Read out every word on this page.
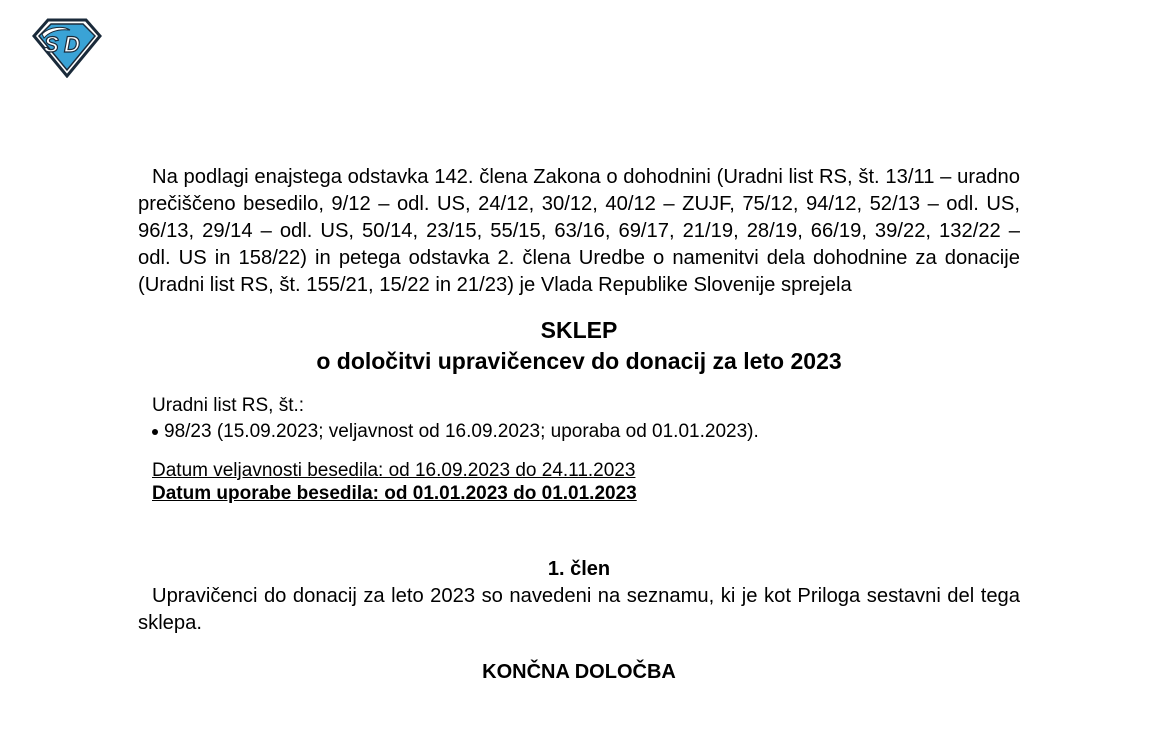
S D

Na podlagi enajstega odstavka 142. člena Zakona o dohodnini (Uradni list RS, št. 13/11 – uradno prečiščeno besedilo, 9/12 – odl. US, 24/12, 30/12, 40/12 – ZUJF, 75/12, 94/12, 52/13 – odl. US, 96/13, 29/14 – odl. US, 50/14, 23/15, 55/15, 63/16, 69/17, 21/19, 28/19, 66/19, 39/22, 132/22 – odl. US in 158/22) in petega odstavka 2. člena Uredbe o namenitvi dela dohodnine za donacije (Uradni list RS, št. 155/21, 15/22 in 21/23) je Vlada Republike Slovenije sprejela

SKLEP
o določitvi upravičencev do donacij za leto 2023
Uradni list RS, št.:
98/23 (15.09.2023; veljavnost od 16.09.2023; uporaba od 01.01.2023).
Datum veljavnosti besedila: od 16.09.2023 do 24.11.2023
Datum uporabe besedila: od 01.01.2023 do 01.01.2023
1. člen

Upravičenci do donacij za leto 2023 so navedeni na seznamu, ki je kot Priloga sestavni del tega sklepa.

KONČNA DOLOČBA
